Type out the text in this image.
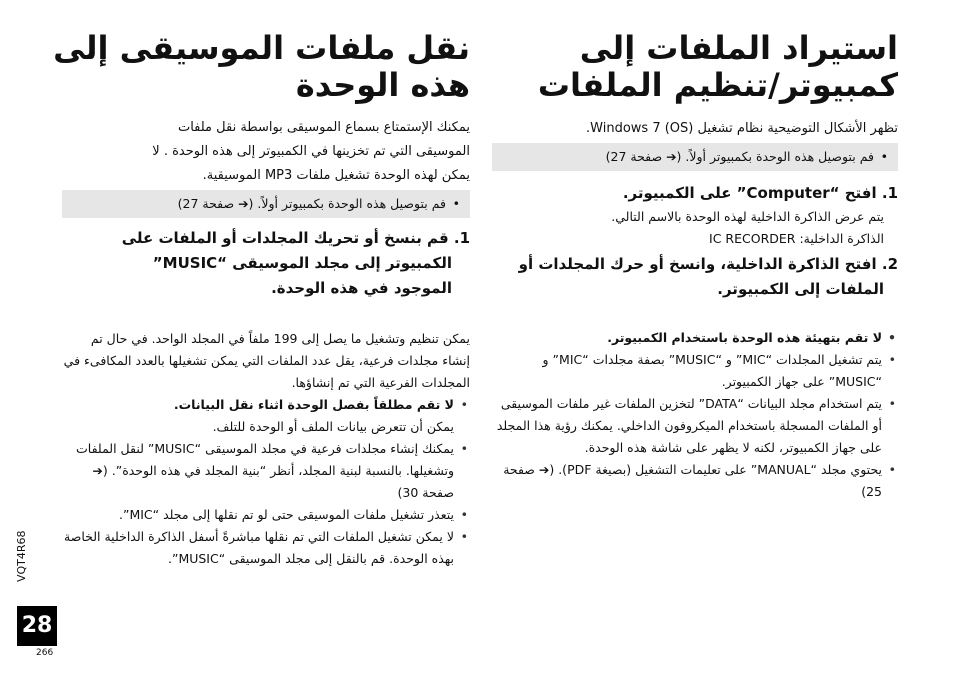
استيراد الملفات إلى
كمبيوتر/تنظيم الملفات

تظهر الأشكال التوضيحية نظام تشغيل Windows 7 (OS).

•
فم بتوصيل هذه الوحدة بكمبيوتر أولاً. (➔ صفحة 27)

1. افتح “Computer” على الكمبيوتر.

يتم عرض الذاكرة الداخلية لهذه الوحدة بالاسم التالي.

الذاكرة الداخلية: IC RECORDER

2. افتح الذاكرة الداخلية، وانسخ أو حرك المجلدات أو
الملفات إلى الكمبيوتر.

• لا تقم بتهيئة هذه الوحدة باستخدام الكمبيوتر.
• يتم تشغيل المجلدات “MIC” و “MUSIC” بصفة مجلدات “MIC” و “MUSIC” على جهاز الكمبيوتر.
• يتم استخدام مجلد البيانات “DATA” لتخزين الملفات غير ملفات الموسيقى أو الملفات المسجلة باستخدام الميكروفون الداخلي. يمكنك رؤية هذا المجلد على جهاز الكمبيوتر، لكنه لا يظهر على شاشة هذه الوحدة.
• يحتوي مجلد “MANUAL” على تعليمات التشغيل (بصيغة PDF). (➔ صفحة 25)
نقل ملفات الموسيقى إلى
هذه الوحدة

يمكنك الإستمتاع بسماع الموسيقى بواسطة نقل ملفات الموسيقى التي تم تخزينها في الكمبيوتر إلى هذه الوحدة . لا يمكن لهذه الوحدة تشغيل ملفات MP3 الموسيقية.

•
فم بتوصيل هذه الوحدة بكمبيوتر أولاً. (➔ صفحة 27)

1. قم بنسخ أو تحريك المجلدات أو الملفات على
الكمبيوتر إلى مجلد الموسيقى “MUSIC”
الموجود في هذه الوحدة.

يمكن تنظيم وتشغيل ما يصل إلى 199 ملفاً في المجلد الواحد. في حال تم إنشاء مجلدات فرعية، يقل عدد الملفات التي يمكن تشغيلها بالعدد المكافىء في المجلدات الفرعية التي تم إنشاؤها.

• لا تقم مطلقاً بفصل الوحدة اثناء نقل البيانات.
يمكن أن تتعرض بيانات الملف أو الوحدة للتلف.
• يمكنك إنشاء مجلدات فرعية في مجلد الموسيقى “MUSIC” لنقل الملفات وتشغيلها. بالنسبة لبنية المجلد، أنظر “بنية المجلد في هذه الوحدة”. (➔ صفحة 30)
• يتعذر تشغيل ملفات الموسيقى حتى لو تم نقلها إلى مجلد “MIC”.
• لا يمكن تشغيل الملفات التي تم نقلها مباشرةً أسفل الذاكرة الداخلية الخاصة بهذه الوحدة. قم بالنقل إلى مجلد الموسيقى “MUSIC”.
VQT4R68
28
266
